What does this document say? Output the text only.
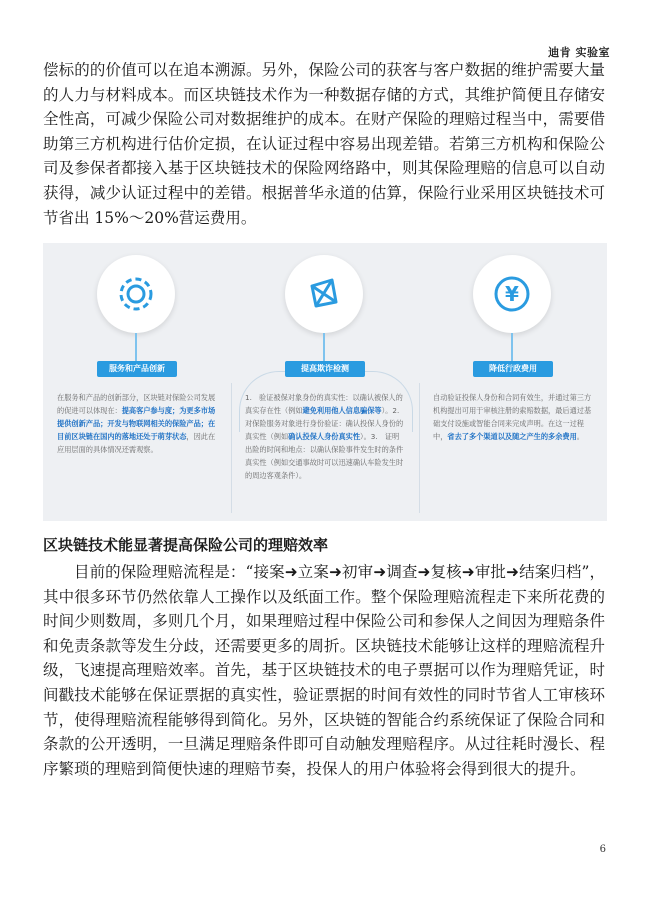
迪肯 实验室

偿标的的价值可以在追本溯源。另外，保险公司的获客与客户数据的维护需要大量的人力与材料成本。而区块链技术作为一种数据存储的方式，其维护简便且存储安全性高，可减少保险公司对数据维护的成本。在财产保险的理赔过程当中，需要借助第三方机构进行估价定损，在认证过程中容易出现差错。若第三方机构和保险公司及参保者都接入基于区块链技术的保险网络路中，则其保险理赔的信息可以自动获得，减少认证过程中的差错。根据普华永道的估算，保险行业采用区块链技术可节省出 15%～20%营运费用。

服务和产品创新

在服务和产品的创新部分，区块链对保险公司发展的促进可以体现在：提高客户参与度；为更多市场提供创新产品；开发与物联网相关的保险产品；在目前区块链在国内的落地还处于萌芽状态，因此在应用层面的具体情况还需观察。

提高欺诈检测

1.　验证被保对象身份的真实性：以确认被保人的真实存在性（例如避免利用他人信息骗保等）。2.　对保险服务对象进行身份验证：确认投保人身份的真实性（例如确认投保人身份真实性）。3.　证明出险的时间和地点：以确认保险事件发生时的条件真实性（例如交通事故时可以迅速确认车险发生时的周边客观条件）。

¥
降低行政费用

自动验证投保人身份和合同有效生，并通过第三方机构提出可用于审核注册的索赔数据，最后通过基础支付设施或智能合同来完成声明。在这一过程中，省去了多个渠道以及随之产生的多余费用。

区块链技术能显著提高保险公司的理赔效率

目前的保险理赔流程是：“接案➜立案➜初审➜调查➜复核➜审批➜结案归档”，其中很多环节仍然依靠人工操作以及纸面工作。整个保险理赔流程走下来所花费的时间少则数周，多则几个月，如果理赔过程中保险公司和参保人之间因为理赔条件和免责条款等发生分歧，还需要更多的周折。区块链技术能够让这样的理赔流程升级，飞速提高理赔效率。首先，基于区块链技术的电子票据可以作为理赔凭证，时间戳技术能够在保证票据的真实性，验证票据的时间有效性的同时节省人工审核环节，使得理赔流程能够得到简化。另外，区块链的智能合约系统保证了保险合同和条款的公开透明，一旦满足理赔条件即可自动触发理赔程序。从过往耗时漫长、程序繁琐的理赔到简便快速的理赔节奏，投保人的用户体验将会得到很大的提升。

6
